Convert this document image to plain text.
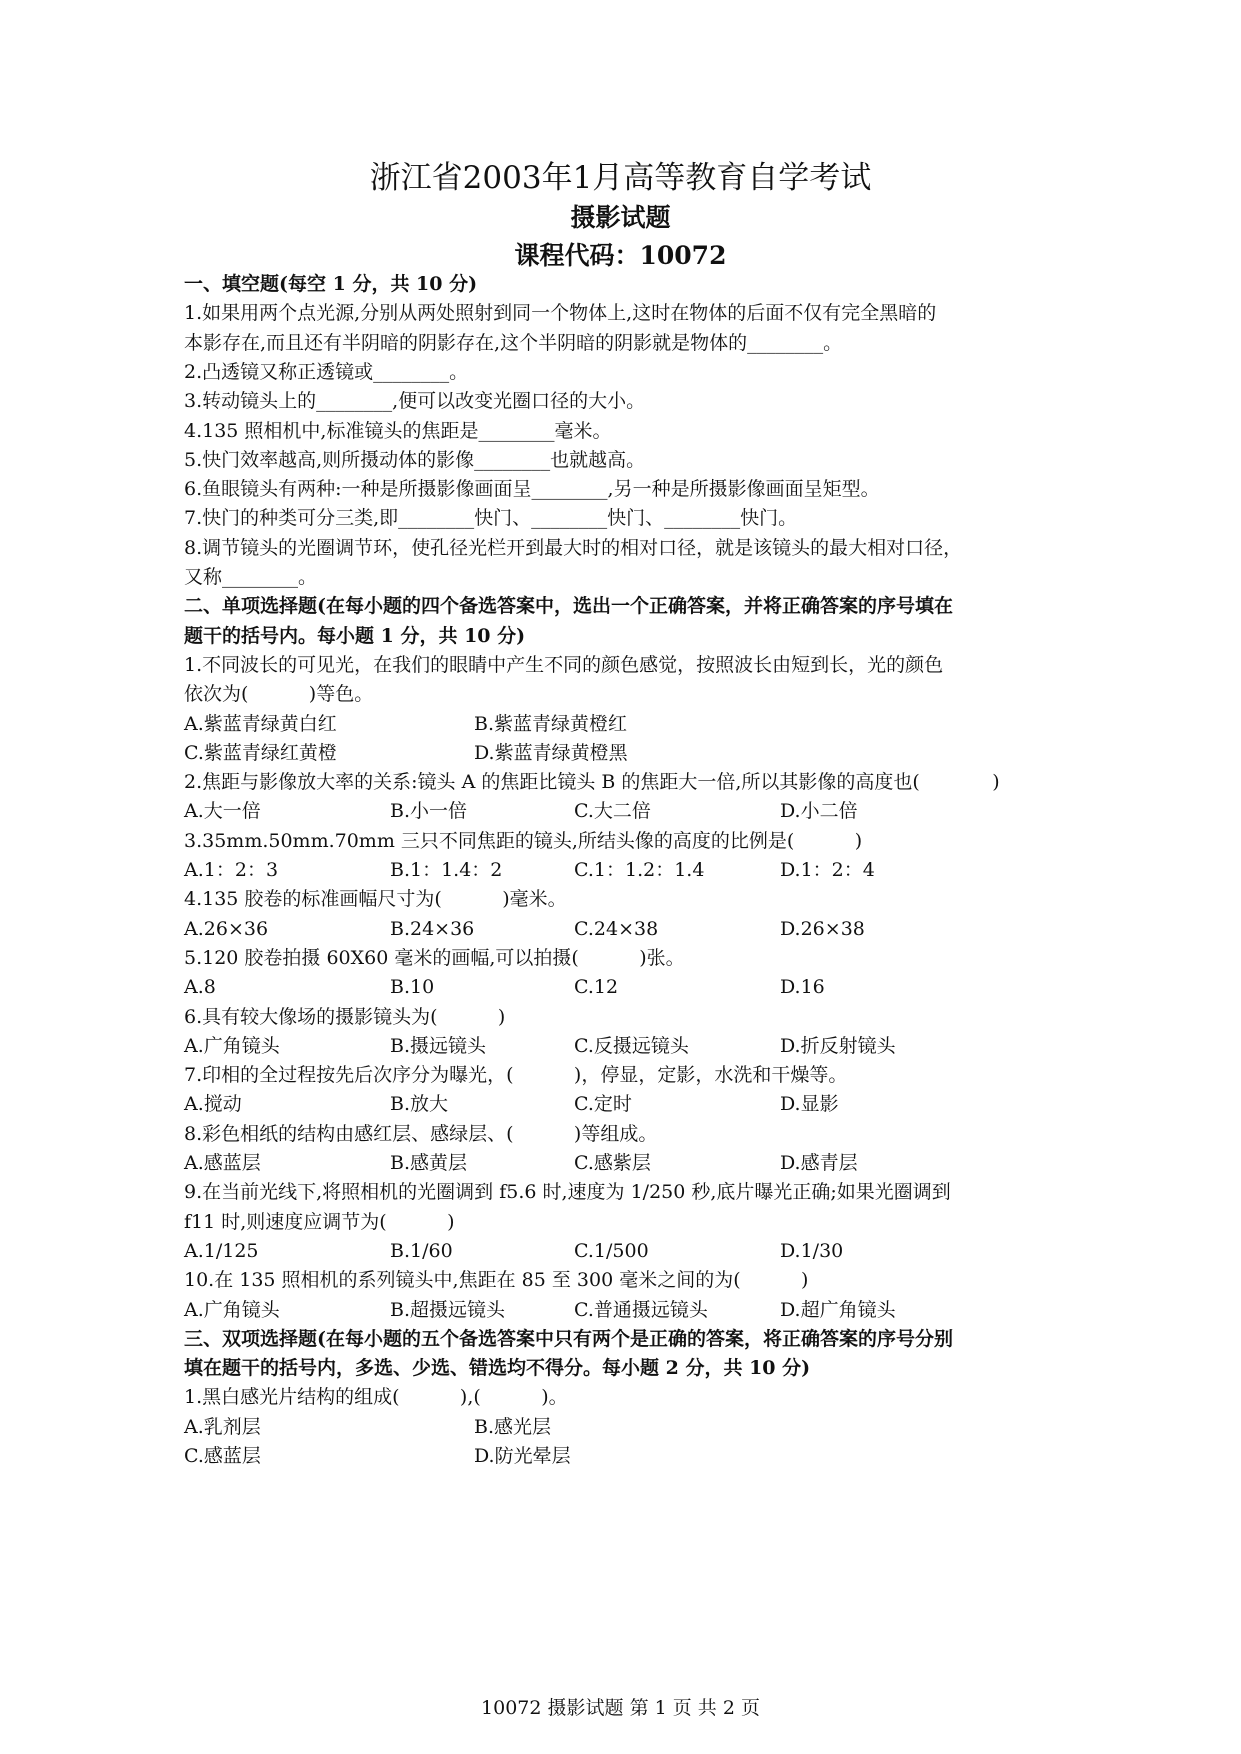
浙江省2003年1月高等教育自学考试
摄影试题
课程代码：10072
一、填空题(每空 1 分，共 10 分)
1.如果用两个点光源,分别从两处照射到同一个物体上,这时在物体的后面不仅有完全黑暗的
本影存在,而且还有半阴暗的阴影存在,这个半阴暗的阴影就是物体的________。
2.凸透镜又称正透镜或________。
3.转动镜头上的________,便可以改变光圈口径的大小。
4.135 照相机中,标准镜头的焦距是________毫米。
5.快门效率越高,则所摄动体的影像________也就越高。
6.鱼眼镜头有两种:一种是所摄影像画面呈________,另一种是所摄影像画面呈矩型。
7.快门的种类可分三类,即________快门、________快门、________快门。
8.调节镜头的光圈调节环，使孔径光栏开到最大时的相对口径，就是该镜头的最大相对口径，
又称________。
二、单项选择题(在每小题的四个备选答案中，选出一个正确答案，并将正确答案的序号填在
题干的括号内。每小题 1 分，共 10 分)
1.不同波长的可见光，在我们的眼睛中产生不同的颜色感觉，按照波长由短到长，光的颜色
依次为(          )等色。
A.紫蓝青绿黄白红	B.紫蓝青绿黄橙红
C.紫蓝青绿红黄橙	D.紫蓝青绿黄橙黑
2.焦距与影像放大率的关系:镜头 A 的焦距比镜头 B 的焦距大一倍,所以其影像的高度也(            )
A.大一倍	B.小一倍	C.大二倍	D.小二倍
3.35mm.50mm.70mm 三只不同焦距的镜头,所结头像的高度的比例是(          )
A.1：2：3	B.1：1.4：2	C.1：1.2：1.4	D.1：2：4
4.135 胶卷的标准画幅尺寸为(          )毫米。
A.26×36	B.24×36	C.24×38	D.26×38
5.120 胶卷拍摄 60X60 毫米的画幅,可以拍摄(          )张。
A.8	B.10	C.12	D.16
6.具有较大像场的摄影镜头为(          )
A.广角镜头	B.摄远镜头	C.反摄远镜头	D.折反射镜头
7.印相的全过程按先后次序分为曝光，(          )，停显，定影，水洗和干燥等。
A.搅动	B.放大	C.定时	D.显影
8.彩色相纸的结构由感红层、感绿层、(          )等组成。
A.感蓝层	B.感黄层	C.感紫层	D.感青层
9.在当前光线下,将照相机的光圈调到 f5.6 时,速度为 1/250 秒,底片曝光正确;如果光圈调到
f11 时,则速度应调节为(          )
A.1/125	B.1/60	C.1/500	D.1/30
10.在 135 照相机的系列镜头中,焦距在 85 至 300 毫米之间的为(          )
A.广角镜头	B.超摄远镜头	C.普通摄远镜头	D.超广角镜头
三、双项选择题(在每小题的五个备选答案中只有两个是正确的答案，将正确答案的序号分别
填在题干的括号内，多选、少选、错选均不得分。每小题 2 分，共 10 分)
1.黑白感光片结构的组成(          ),(          )。
A.乳剂层	B.感光层
C.感蓝层	D.防光晕层
10072 摄影试题 第 1 页 共 2 页
